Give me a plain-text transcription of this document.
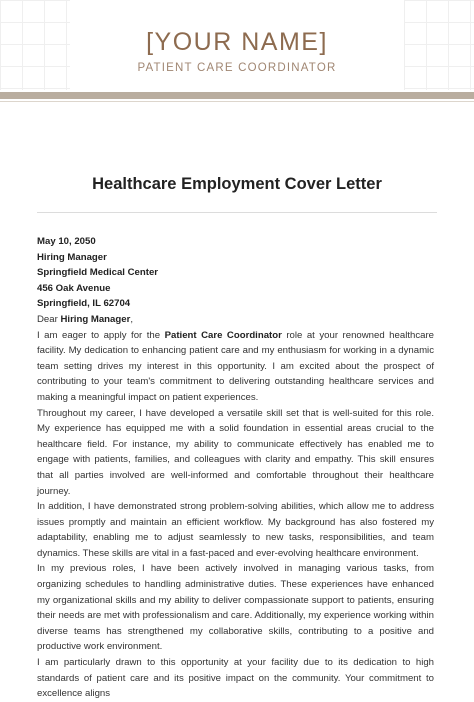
[YOUR NAME]
PATIENT CARE COORDINATOR
Healthcare Employment Cover Letter
May 10, 2050
Hiring Manager
Springfield Medical Center
456 Oak Avenue
Springfield, IL 62704
Dear Hiring Manager,

I am eager to apply for the Patient Care Coordinator role at your renowned healthcare facility. My dedication to enhancing patient care and my enthusiasm for working in a dynamic team setting drives my interest in this opportunity. I am excited about the prospect of contributing to your team's commitment to delivering outstanding healthcare services and making a meaningful impact on patient experiences.

Throughout my career, I have developed a versatile skill set that is well-suited for this role. My experience has equipped me with a solid foundation in essential areas crucial to the healthcare field. For instance, my ability to communicate effectively has enabled me to engage with patients, families, and colleagues with clarity and empathy. This skill ensures that all parties involved are well-informed and comfortable throughout their healthcare journey.

In addition, I have demonstrated strong problem-solving abilities, which allow me to address issues promptly and maintain an efficient workflow. My background has also fostered my adaptability, enabling me to adjust seamlessly to new tasks, responsibilities, and team dynamics. These skills are vital in a fast-paced and ever-evolving healthcare environment.

In my previous roles, I have been actively involved in managing various tasks, from organizing schedules to handling administrative duties. These experiences have enhanced my organizational skills and my ability to deliver compassionate support to patients, ensuring their needs are met with professionalism and care. Additionally, my experience working within diverse teams has strengthened my collaborative skills, contributing to a positive and productive work environment.

I am particularly drawn to this opportunity at your facility due to its dedication to high standards of patient care and its positive impact on the community. Your commitment to excellence aligns
